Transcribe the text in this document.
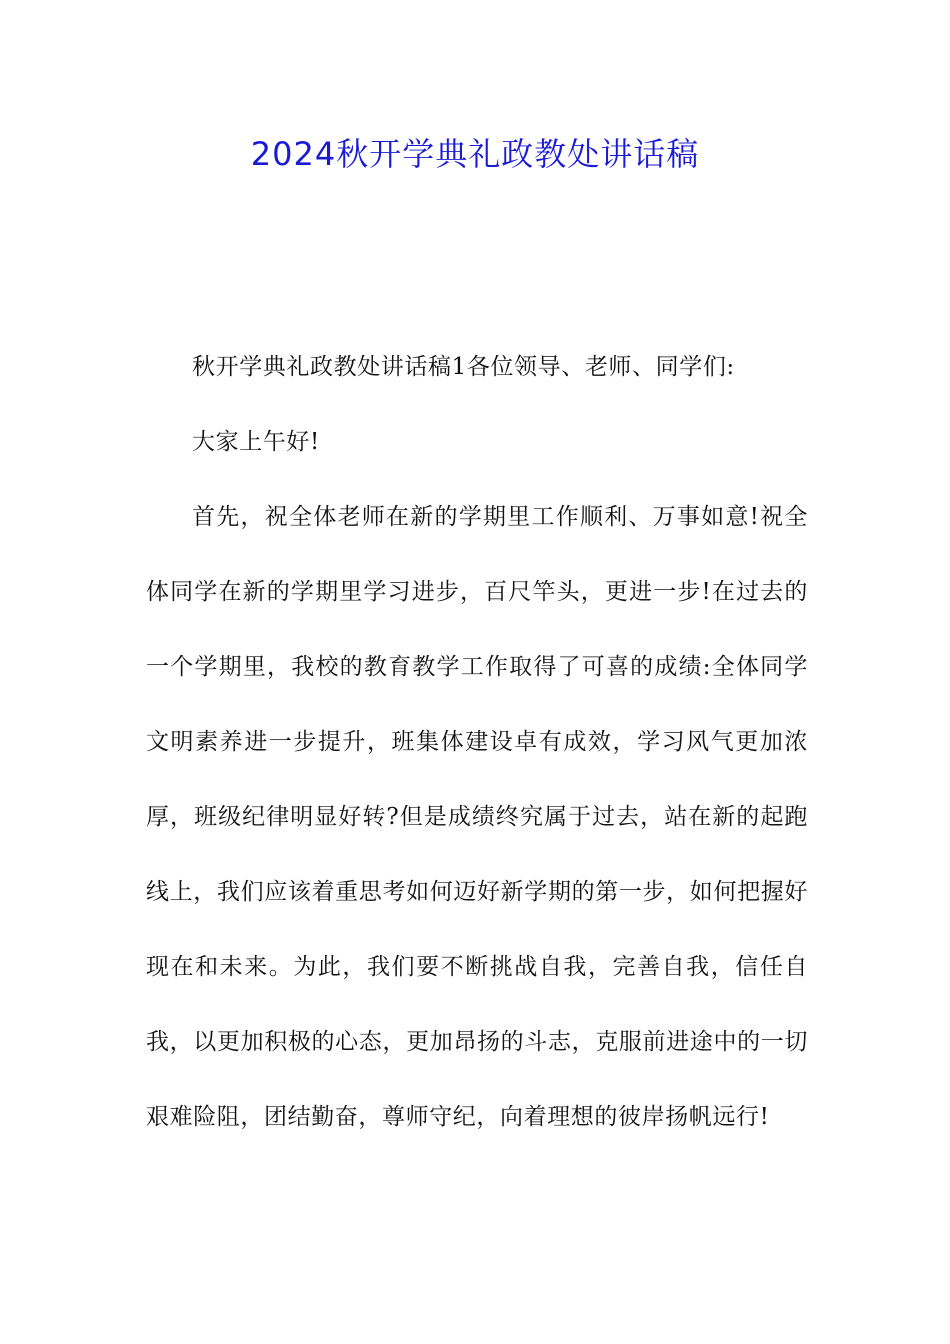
2024秋开学典礼政教处讲话稿

秋开学典礼政教处讲话稿1各位领导、老师、同学们:

大家上午好!

首先，祝全体老师在新的学期里工作顺利、万事如意!祝全体同学在新的学期里学习进步，百尺竿头，更进一步!在过去的一个学期里，我校的教育教学工作取得了可喜的成绩:全体同学文明素养进一步提升，班集体建设卓有成效，学习风气更加浓厚，班级纪律明显好转?但是成绩终究属于过去，站在新的起跑线上，我们应该着重思考如何迈好新学期的第一步，如何把握好现在和未来。为此，我们要不断挑战自我，完善自我，信任自我，以更加积极的心态，更加昂扬的斗志，克服前进途中的一切艰难险阻，团结勤奋，尊师守纪，向着理想的彼岸扬帆远行!
